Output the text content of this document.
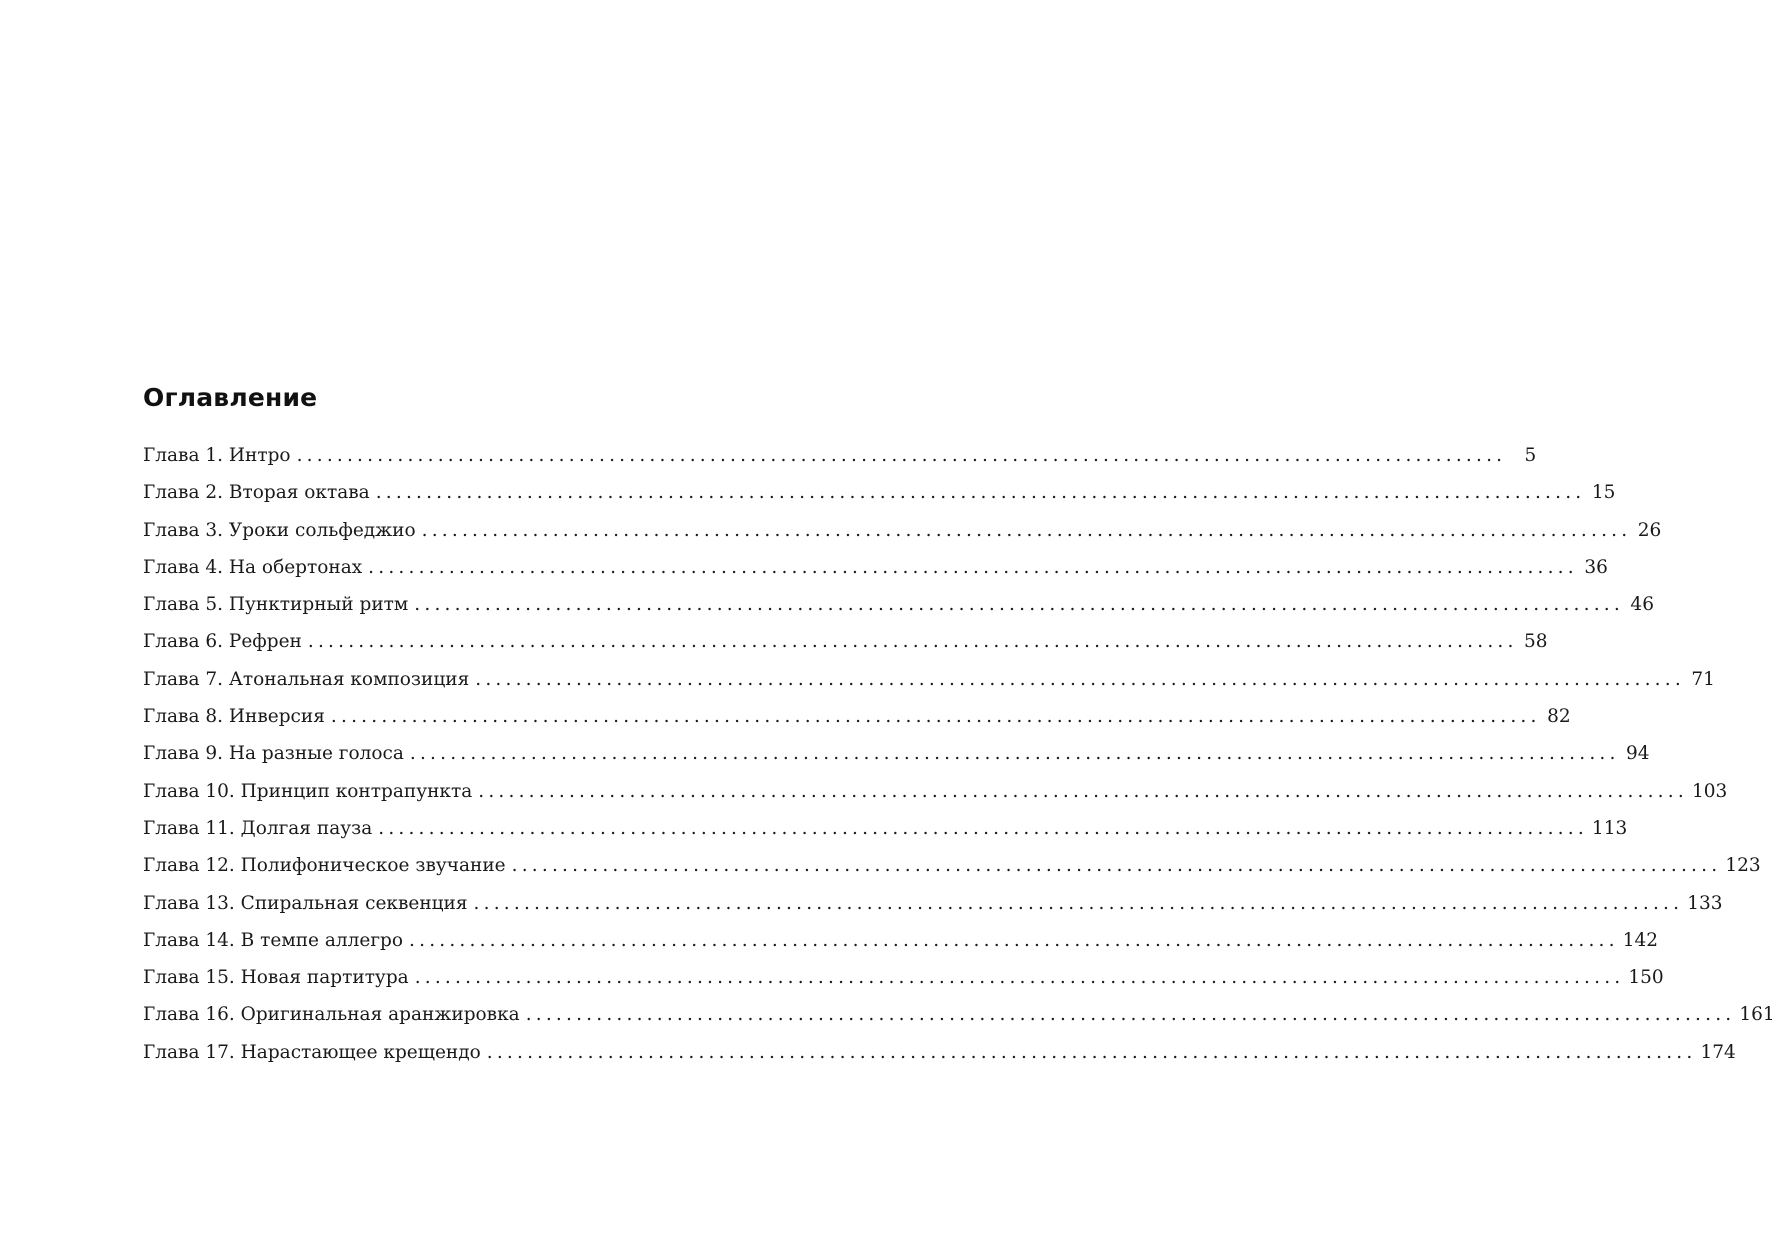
Оглавление
Глава 1. Интро ........................................................................................................................ 5
Глава 2. Вторая октава ........................................................................................................................ 15
Глава 3. Уроки сольфеджио ........................................................................................................................ 26
Глава 4. На обертонах ........................................................................................................................ 36
Глава 5. Пунктирный ритм ........................................................................................................................ 46
Глава 6. Рефрен ........................................................................................................................ 58
Глава 7. Атональная композиция ........................................................................................................................ 71
Глава 8. Инверсия ........................................................................................................................ 82
Глава 9. На разные голоса ........................................................................................................................ 94
Глава 10. Принцип контрапункта ........................................................................................................................ 103
Глава 11. Долгая пауза ........................................................................................................................ 113
Глава 12. Полифоническое звучание ........................................................................................................................ 123
Глава 13. Спиральная секвенция ........................................................................................................................ 133
Глава 14. В темпе аллегро ........................................................................................................................ 142
Глава 15. Новая партитура ........................................................................................................................ 150
Глава 16. Оригинальная аранжировка ........................................................................................................................ 161
Глава 17. Нарастающее крещендо ........................................................................................................................ 174
